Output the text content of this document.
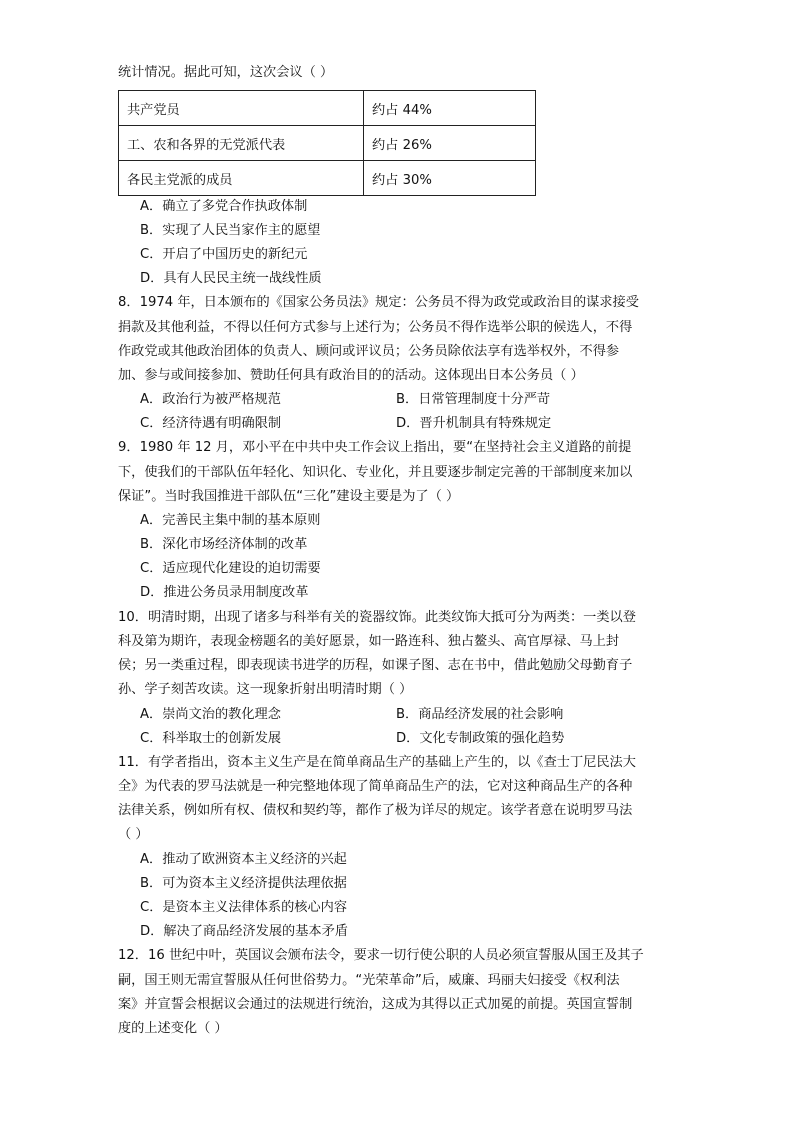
统计情况。据此可知，这次会议（ ）
共产党员	约占 44%
工、农和各界的无党派代表	约占 26%
各民主党派的成员	约占 30%
A．确立了多党合作执政体制
B．实现了人民当家作主的愿望
C．开启了中国历史的新纪元
D．具有人民民主统一战线性质
8．1974 年，日本颁布的《国家公务员法》规定：公务员不得为政党或政治目的谋求接受
捐款及其他利益，不得以任何方式参与上述行为；公务员不得作选举公职的候选人，不得
作政党或其他政治团体的负责人、顾问或评议员；公务员除依法享有选举权外，不得参
加、参与或间接参加、赞助任何具有政治目的的活动。这体现出日本公务员（ ）
A．政治行为被严格规范	B．日常管理制度十分严苛
C．经济待遇有明确限制	D．晋升机制具有特殊规定
9．1980 年 12 月，邓小平在中共中央工作会议上指出，要“在坚持社会主义道路的前提
下，使我们的干部队伍年轻化、知识化、专业化，并且要逐步制定完善的干部制度来加以
保证”。当时我国推进干部队伍“三化”建设主要是为了（ ）
A．完善民主集中制的基本原则
B．深化市场经济体制的改革
C．适应现代化建设的迫切需要
D．推进公务员录用制度改革
10．明清时期，出现了诸多与科举有关的瓷器纹饰。此类纹饰大抵可分为两类：一类以登
科及第为期许，表现金榜题名的美好愿景，如一路连科、独占鳌头、高官厚禄、马上封
侯；另一类重过程，即表现读书进学的历程，如课子图、志在书中，借此勉励父母勤育子
孙、学子刻苦攻读。这一现象折射出明清时期（ ）
A．崇尚文治的教化理念	B．商品经济发展的社会影响
C．科举取士的创新发展	D．文化专制政策的强化趋势
11．有学者指出，资本主义生产是在简单商品生产的基础上产生的，以《查士丁尼民法大
全》为代表的罗马法就是一种完整地体现了简单商品生产的法，它对这种商品生产的各种
法律关系，例如所有权、债权和契约等，都作了极为详尽的规定。该学者意在说明罗马法
（ ）
A．推动了欧洲资本主义经济的兴起
B．可为资本主义经济提供法理依据
C．是资本主义法律体系的核心内容
D．解决了商品经济发展的基本矛盾
12．16 世纪中叶，英国议会颁布法令，要求一切行使公职的人员必须宣誓服从国王及其子
嗣，国王则无需宣誓服从任何世俗势力。“光荣革命”后，威廉、玛丽夫妇接受《权利法
案》并宣誓会根据议会通过的法规进行统治，这成为其得以正式加冕的前提。英国宣誓制
度的上述变化（ ）
